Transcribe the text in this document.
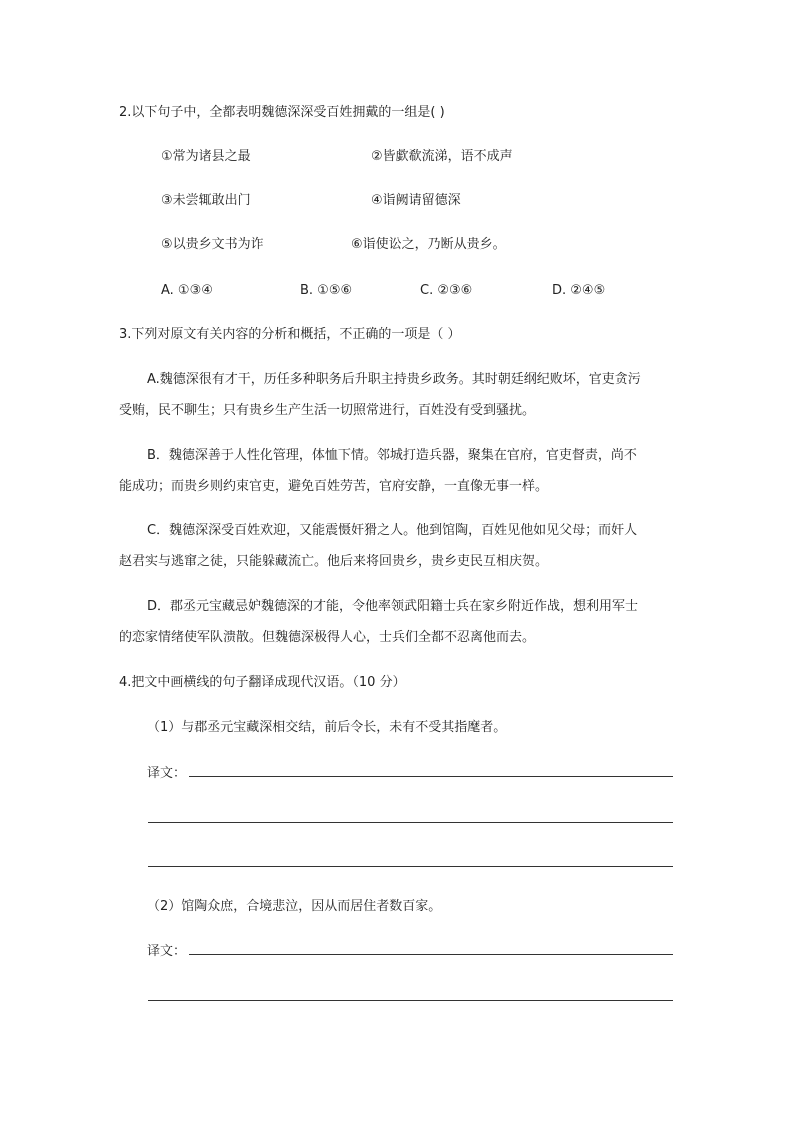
2.以下句子中，全都表明魏德深深受百姓拥戴的一组是( )
①常为诸县之最	②皆歔欷流涕，语不成声
③未尝辄敢出门	④诣阙请留德深
⑤以贵乡文书为诈	⑥诣使讼之，乃断从贵乡。
A. ①③④	B. ①⑤⑥	C. ②③⑥	D. ②④⑤
3.下列对原文有关内容的分析和概括，不正确的一项是（ ）
A.魏德深很有才干，历任多种职务后升职主持贵乡政务。其时朝廷纲纪败坏，官吏贪污
受贿，民不聊生；只有贵乡生产生活一切照常进行，百姓没有受到骚扰。
B．魏德深善于人性化管理，体恤下情。邻城打造兵器，聚集在官府，官吏督责，尚不
能成功；而贵乡则约束官吏，避免百姓劳苦，官府安静，一直像无事一样。
C．魏德深深受百姓欢迎，又能震慑奸猾之人。他到馆陶，百姓见他如见父母；而奸人
赵君实与逃窜之徒，只能躲藏流亡。他后来将回贵乡，贵乡吏民互相庆贺。
D．郡丞元宝藏忌妒魏德深的才能，令他率领武阳籍士兵在家乡附近作战，想利用军士
的恋家情绪使军队溃散。但魏德深极得人心，士兵们全都不忍离他而去。
4.把文中画横线的句子翻译成现代汉语。（10 分）
（1）与郡丞元宝藏深相交结，前后令长，未有不受其指麾者。
译文：
（2）馆陶众庶，合境悲泣，因从而居住者数百家。
译文：
